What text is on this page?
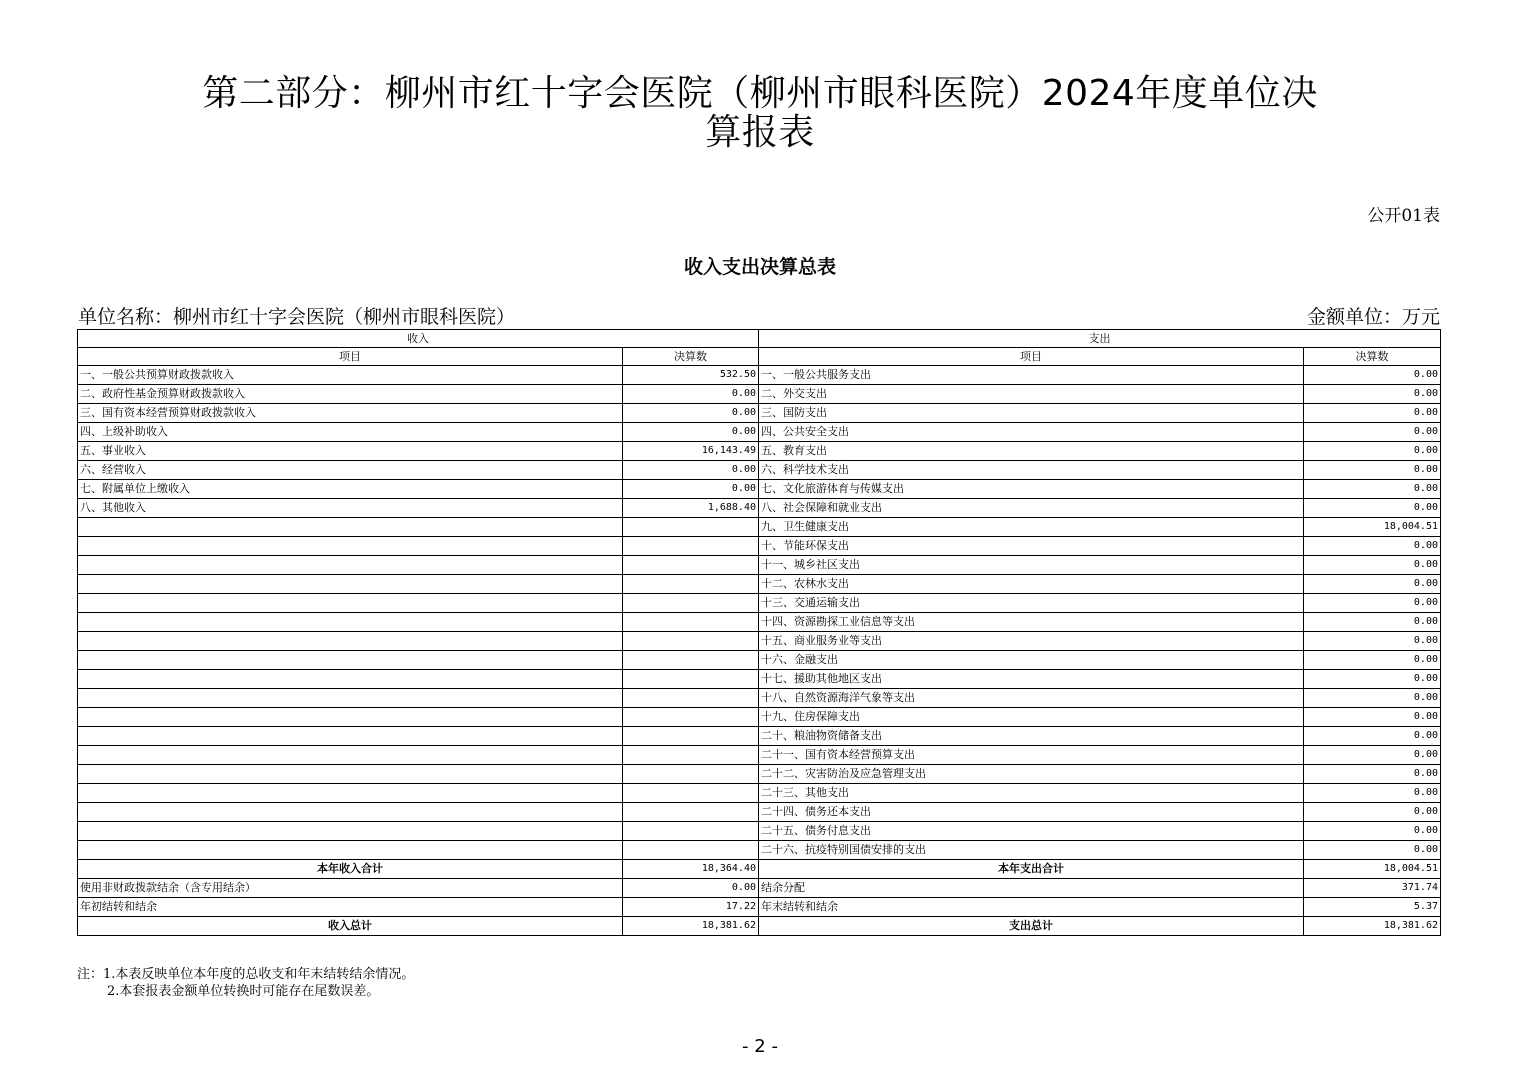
第二部分：柳州市红十字会医院（柳州市眼科医院）2024年度单位决
算报表
公开01表
收入支出决算总表
单位名称：柳州市红十字会医院（柳州市眼科医院）	金额单位：万元
收入		支出	
项目	决算数	项目	决算数
一、一般公共预算财政拨款收入	532.50	一、一般公共服务支出	0.00
二、政府性基金预算财政拨款收入	0.00	二、外交支出	0.00
三、国有资本经营预算财政拨款收入	0.00	三、国防支出	0.00
四、上级补助收入	0.00	四、公共安全支出	0.00
五、事业收入	16,143.49	五、教育支出	0.00
六、经营收入	0.00	六、科学技术支出	0.00
七、附属单位上缴收入	0.00	七、文化旅游体育与传媒支出	0.00
八、其他收入	1,688.40	八、社会保障和就业支出	0.00
		九、卫生健康支出	18,004.51
		十、节能环保支出	0.00
		十一、城乡社区支出	0.00
		十二、农林水支出	0.00
		十三、交通运输支出	0.00
		十四、资源勘探工业信息等支出	0.00
		十五、商业服务业等支出	0.00
		十六、金融支出	0.00
		十七、援助其他地区支出	0.00
		十八、自然资源海洋气象等支出	0.00
		十九、住房保障支出	0.00
		二十、粮油物资储备支出	0.00
		二十一、国有资本经营预算支出	0.00
		二十二、灾害防治及应急管理支出	0.00
		二十三、其他支出	0.00
		二十四、债务还本支出	0.00
		二十五、债务付息支出	0.00
		二十六、抗疫特别国债安排的支出	0.00
本年收入合计	18,364.40	本年支出合计	18,004.51
使用非财政拨款结余（含专用结余）	0.00	结余分配	371.74
年初结转和结余	17.22	年末结转和结余	5.37
收入总计	18,381.62	支出总计	18,381.62
注：1.本表反映单位本年度的总收支和年末结转结余情况。
2.本套报表金额单位转换时可能存在尾数误差。
- 2 -
